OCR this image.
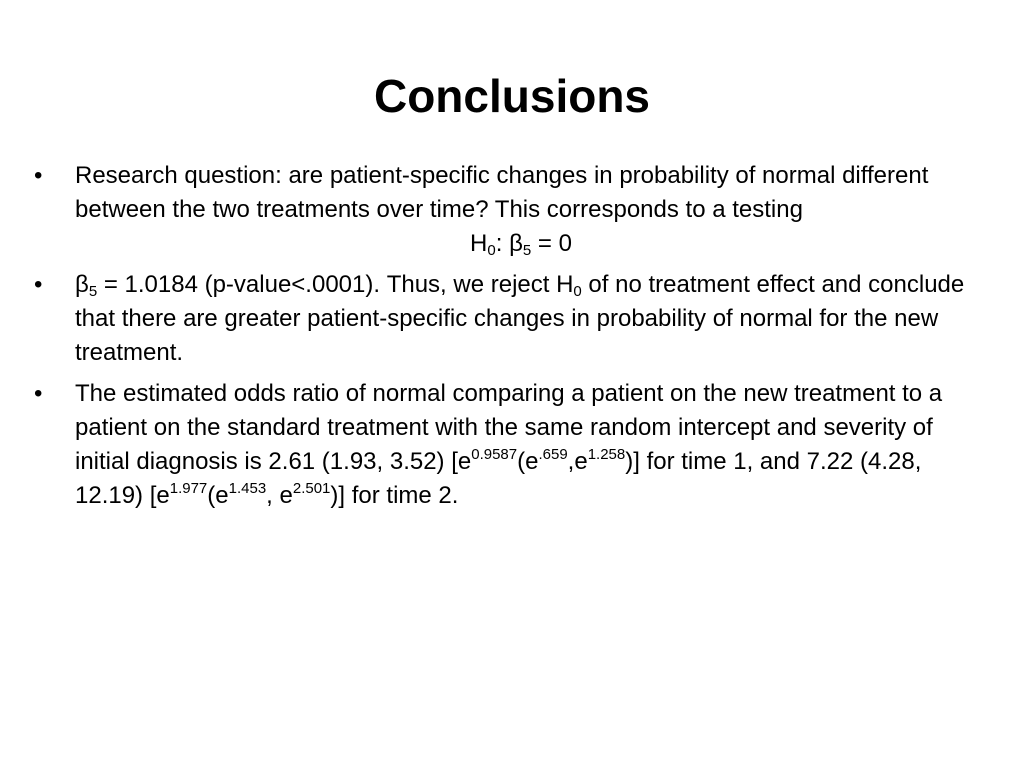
Conclusions
•	Research question: are patient-specific changes in probability of normal different between the two treatments over time? This corresponds to a testing

$H_0$: $\beta_5 = 0$
•	$\beta_5 = 1.0184$ (p-value<.0001). Thus, we reject $H_0$ of no treatment effect and conclude that there are greater patient-specific changes in probability of normal for the new treatment.

•	The estimated odds ratio of normal comparing a patient on the new treatment to a patient on the standard treatment with the same random intercept and severity of initial diagnosis is 2.61 (1.93, 3.52) $[e^{0.9587}(e^{.659},e^{1.258})]$ for time 1, and 7.22 (4.28, 12.19) [$e^{1.977}(e^{1.453}$, $e^{2.501}$)] for time 2.
